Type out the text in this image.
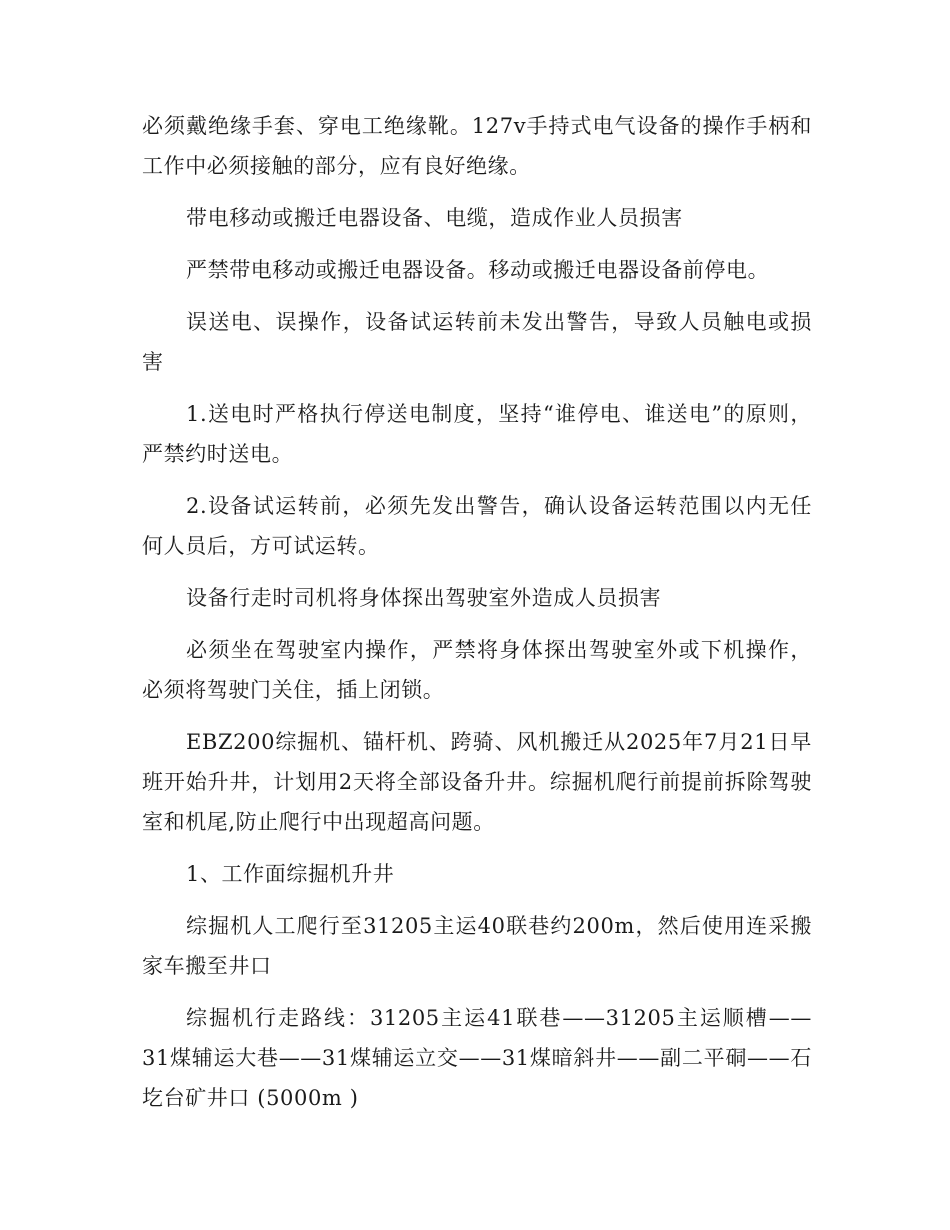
必须戴绝缘手套、穿电工绝缘靴。127v手持式电气设备的操作手柄和工作中必须接触的部分，应有良好绝缘。

带电移动或搬迁电器设备、电缆，造成作业人员损害

严禁带电移动或搬迁电器设备。移动或搬迁电器设备前停电。

误送电、误操作，设备试运转前未发出警告，导致人员触电或损害

1.送电时严格执行停送电制度，坚持“谁停电、谁送电”的原则，严禁约时送电。

2.设备试运转前，必须先发出警告，确认设备运转范围以内无任何人员后，方可试运转。

设备行走时司机将身体探出驾驶室外造成人员损害

必须坐在驾驶室内操作，严禁将身体探出驾驶室外或下机操作，必须将驾驶门关住，插上闭锁。

EBZ200综掘机、锚杆机、跨骑、风机搬迁从2025年7月21日早班开始升井，计划用2天将全部设备升井。综掘机爬行前提前拆除驾驶室和机尾,防止爬行中出现超高问题。

1、工作面综掘机升井

综掘机人工爬行至31205主运40联巷约200m，然后使用连采搬家车搬至井口

综掘机行走路线：31205主运41联巷——31205主运顺槽——31煤辅运大巷——31煤辅运立交——31煤暗斜井——副二平硐——石圪台矿井口 (5000m )
